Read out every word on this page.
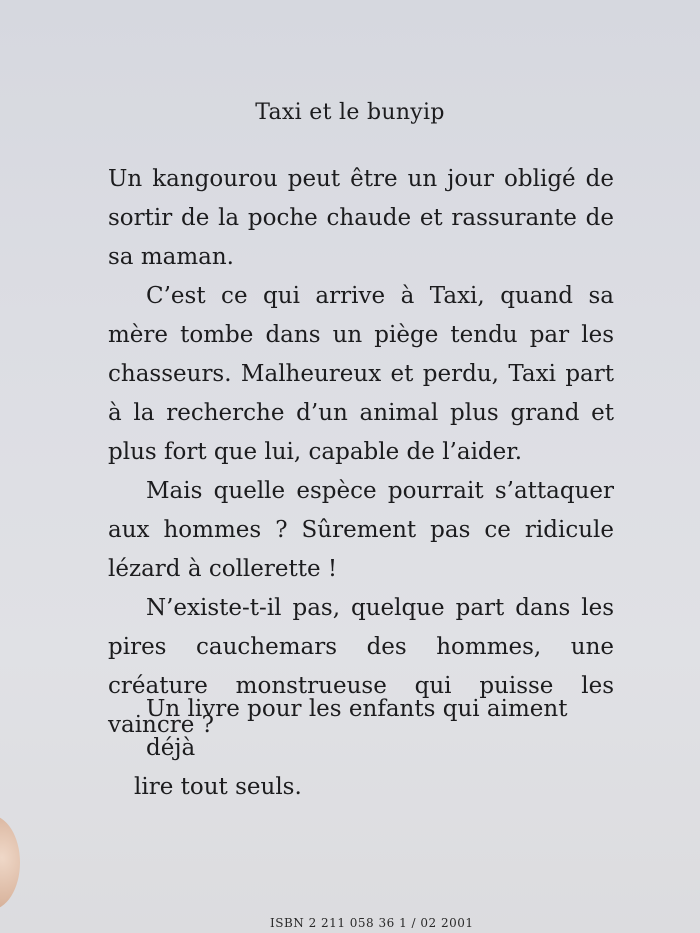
Taxi et le bunyip

Un kangourou peut être un jour obligé de sortir de la poche chaude et rassurante de sa maman.

C’est ce qui arrive à Taxi, quand sa mère tombe dans un piège tendu par les chasseurs. Malheureux et perdu, Taxi part à la recherche d’un animal plus grand et plus fort que lui, capable de l’aider.

Mais quelle espèce pourrait s’attaquer aux hommes ? Sûrement pas ce ridicule lézard à collerette !

N’existe-t-il pas, quelque part dans les pires cauchemars des hommes, une créature monstrueuse qui puisse les vaincre ?

Un livre pour les enfants qui aiment déjà
lire tout seuls.
ISBN 2 211 058 36 1 / 02 2001
